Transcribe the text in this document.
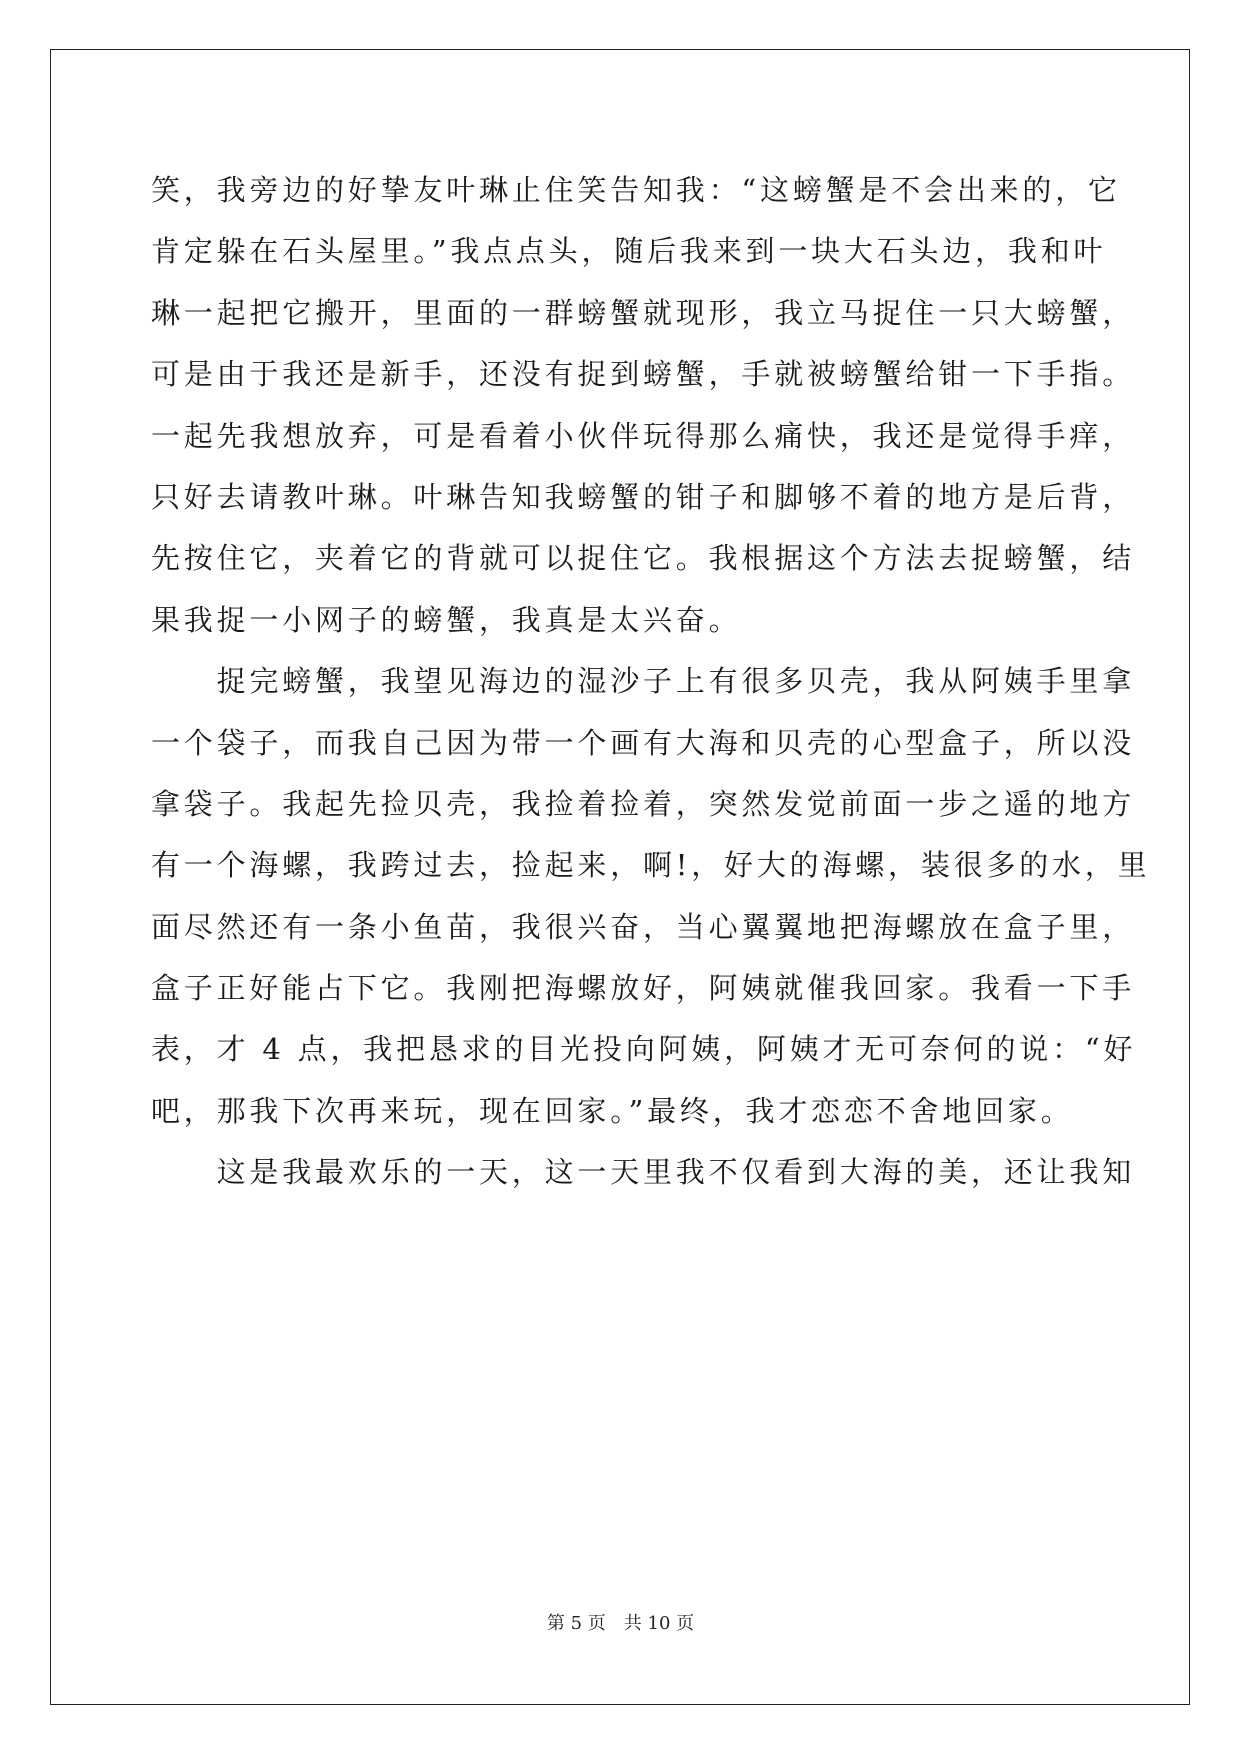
笑，我旁边的好挚友叶琳止住笑告知我：“这螃蟹是不会出来的，它
肯定躲在石头屋里。”我点点头，随后我来到一块大石头边，我和叶
琳一起把它搬开，里面的一群螃蟹就现形，我立马捉住一只大螃蟹，
可是由于我还是新手，还没有捉到螃蟹，手就被螃蟹给钳一下手指。
一起先我想放弃，可是看着小伙伴玩得那么痛快，我还是觉得手痒，
只好去请教叶琳。叶琳告知我螃蟹的钳子和脚够不着的地方是后背，
先按住它，夹着它的背就可以捉住它。我根据这个方法去捉螃蟹，结
果我捉一小网子的螃蟹，我真是太兴奋。
　　捉完螃蟹，我望见海边的湿沙子上有很多贝壳，我从阿姨手里拿
一个袋子，而我自己因为带一个画有大海和贝壳的心型盒子，所以没
拿袋子。我起先捡贝壳，我捡着捡着，突然发觉前面一步之遥的地方
有一个海螺，我跨过去，捡起来，啊!，好大的海螺，装很多的水，里
面尽然还有一条小鱼苗，我很兴奋，当心翼翼地把海螺放在盒子里，
盒子正好能占下它。我刚把海螺放好，阿姨就催我回家。我看一下手
表，才 4 点，我把恳求的目光投向阿姨，阿姨才无可奈何的说：“好
吧，那我下次再来玩，现在回家。”最终，我才恋恋不舍地回家。
　　这是我最欢乐的一天，这一天里我不仅看到大海的美，还让我知
第 5 页　共 10 页
